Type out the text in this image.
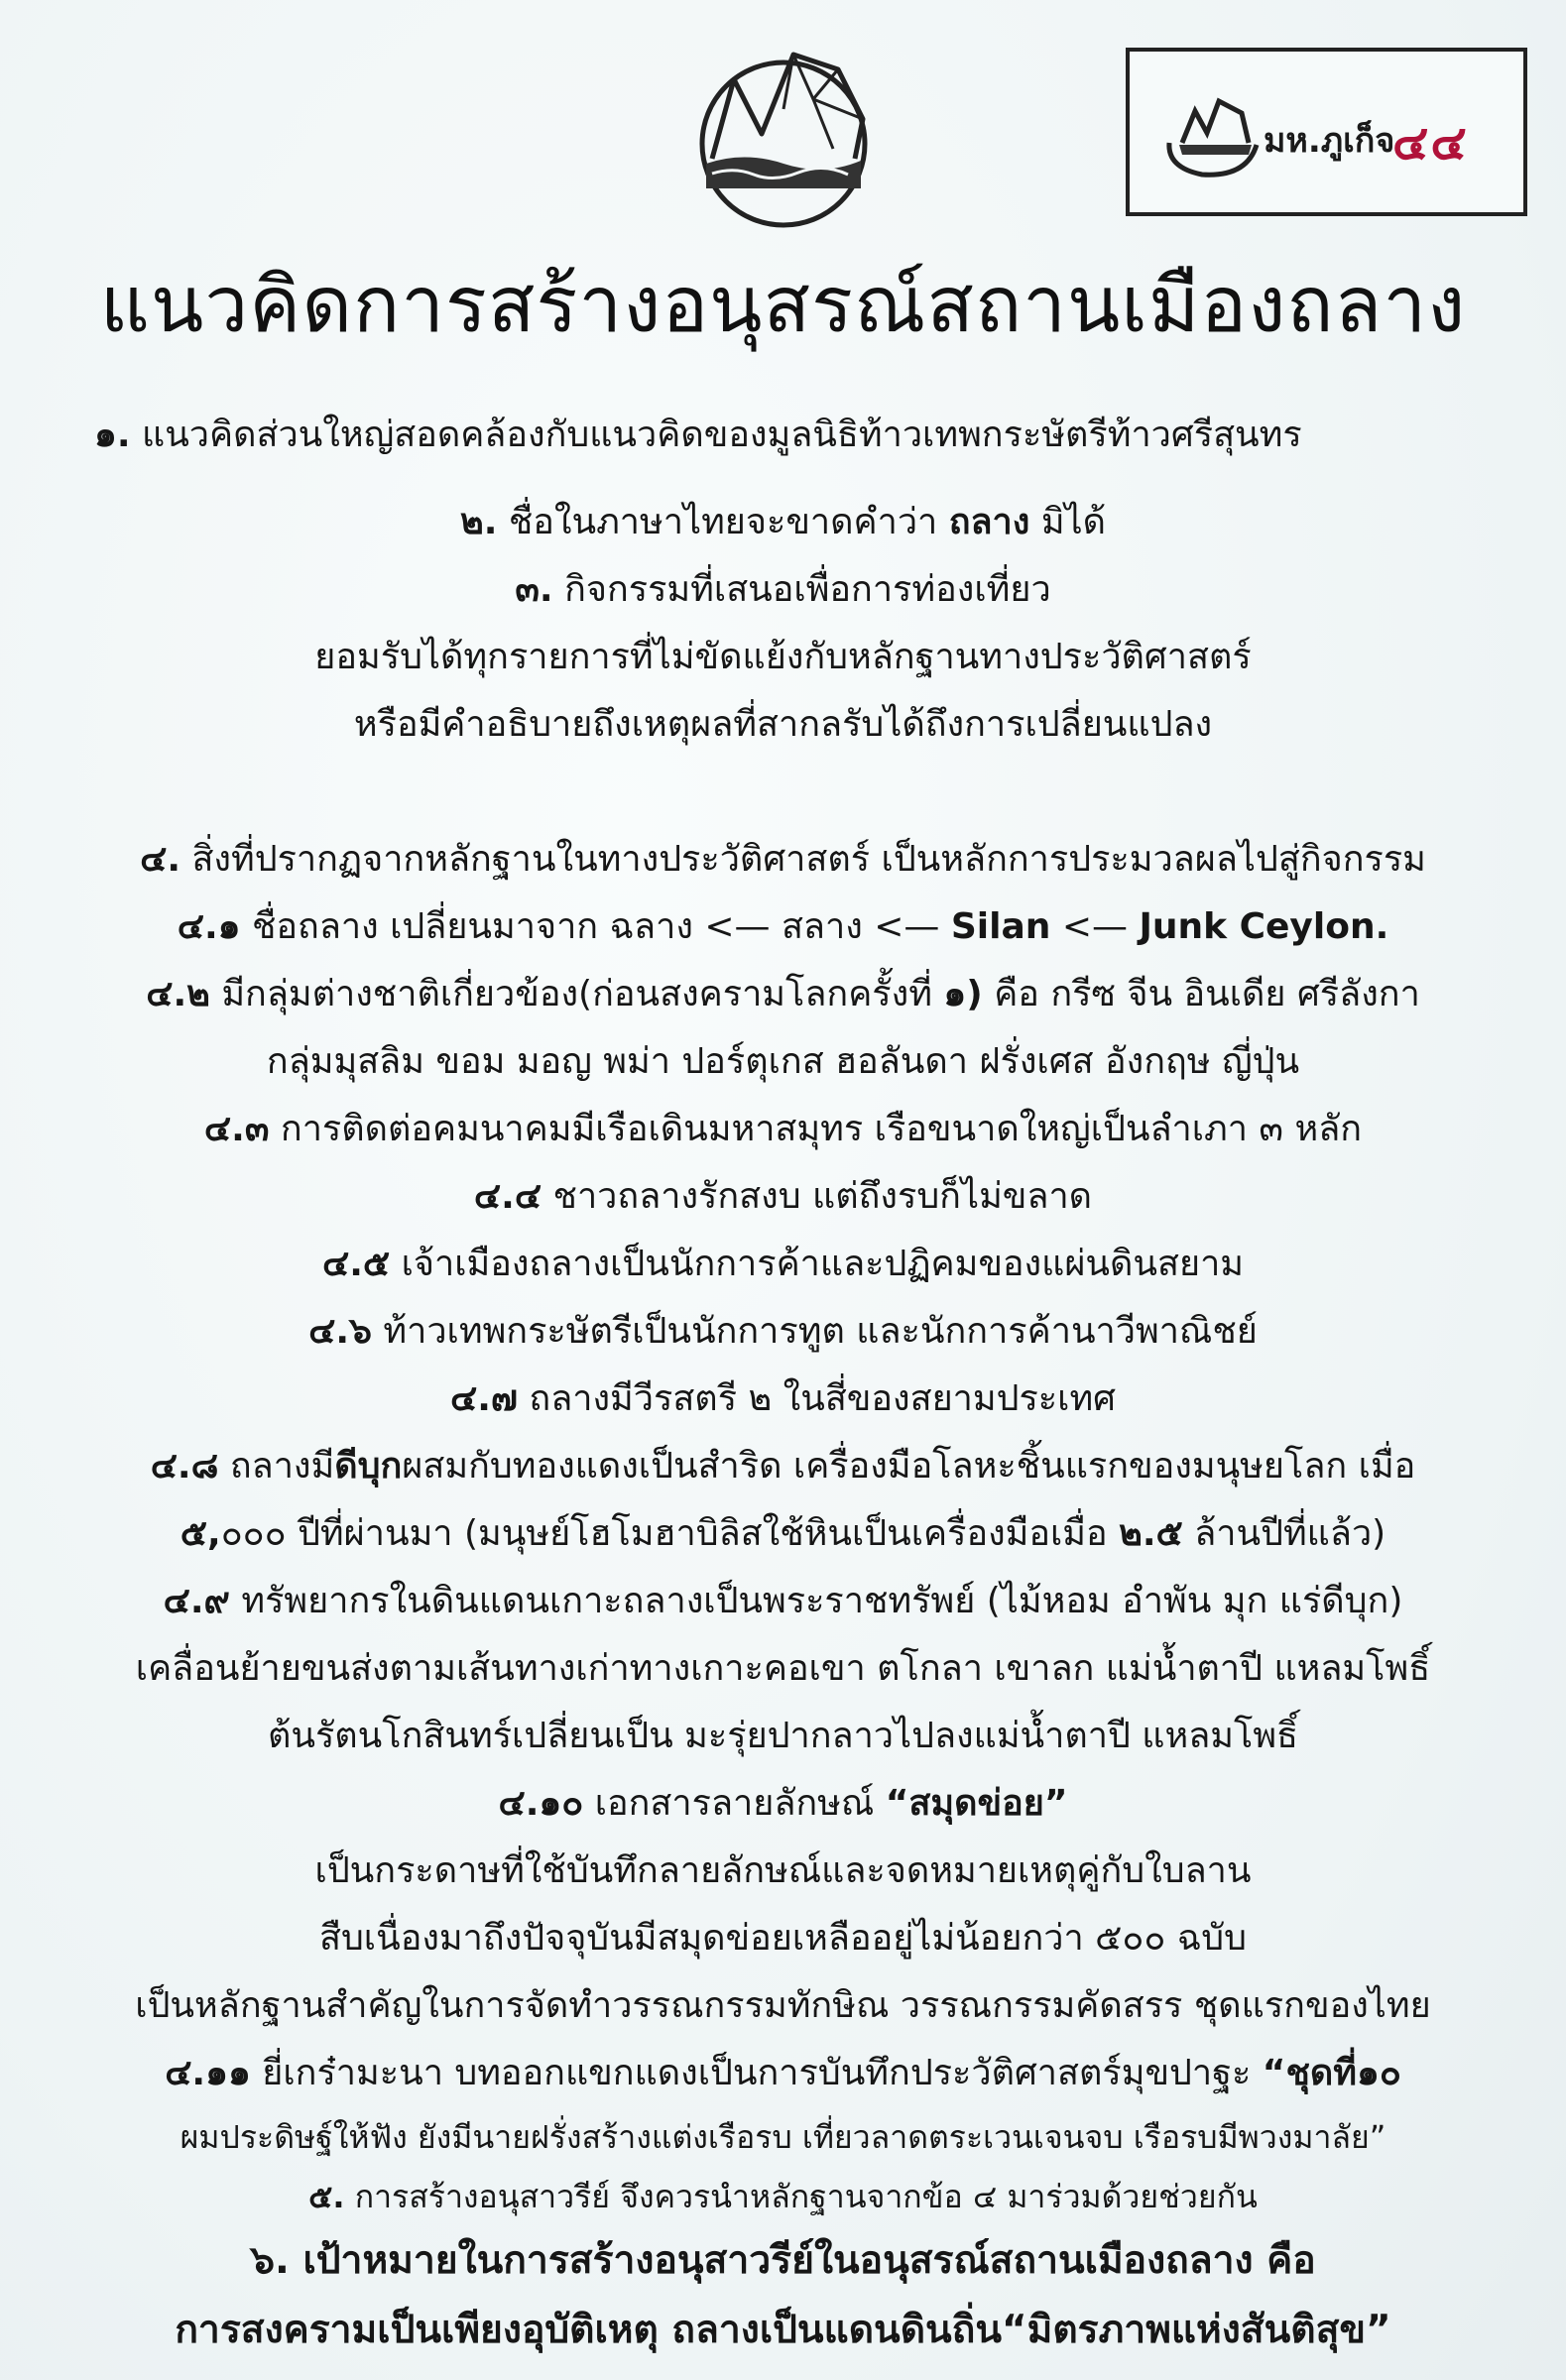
มห.ภูเก็จ
๔๔
แนวคิดการสร้างอนุสรณ์สถานเมืองถลาง
๑. แนวคิดส่วนใหญ่สอดคล้องกับแนวคิดของมูลนิธิท้าวเทพกระษัตรีท้าวศรีสุนทร
๒. ชื่อในภาษาไทยจะขาดคำว่า ถลาง มิได้
๓. กิจกรรมที่เสนอเพื่อการท่องเที่ยว
ยอมรับได้ทุกรายการที่ไม่ขัดแย้งกับหลักฐานทางประวัติศาสตร์
หรือมีคำอธิบายถึงเหตุผลที่สากลรับได้ถึงการเปลี่ยนแปลง
๔. สิ่งที่ปรากฏจากหลักฐานในทางประวัติศาสตร์ เป็นหลักการประมวลผลไปสู่กิจกรรม
๔.๑ ชื่อถลาง เปลี่ยนมาจาก ฉลาง <— สลาง <— Silan <— Junk Ceylon.
๔.๒ มีกลุ่มต่างชาติเกี่ยวข้อง(ก่อนสงครามโลกครั้งที่ ๑) คือ กรีซ จีน อินเดีย ศรีลังกา
กลุ่มมุสลิม ขอม มอญ พม่า ปอร์ตุเกส ฮอลันดา ฝรั่งเศส อังกฤษ ญี่ปุ่น
๔.๓ การติดต่อคมนาคมมีเรือเดินมหาสมุทร เรือขนาดใหญ่เป็นลำเภา ๓ หลัก
๔.๔ ชาวถลางรักสงบ แต่ถึงรบก็ไม่ขลาด
๔.๕ เจ้าเมืองถลางเป็นนักการค้าและปฏิคมของแผ่นดินสยาม
๔.๖ ท้าวเทพกระษัตรีเป็นนักการทูต และนักการค้านาวีพาณิชย์
๔.๗ ถลางมีวีรสตรี ๒ ในสี่ของสยามประเทศ
๔.๘ ถลางมีดีบุกผสมกับทองแดงเป็นสำริด เครื่องมือโลหะชิ้นแรกของมนุษยโลก เมื่อ
๕,๐๐๐ ปีที่ผ่านมา (มนุษย์โฮโมฮาบิลิสใช้หินเป็นเครื่องมือเมื่อ ๒.๕ ล้านปีที่แล้ว)
๔.๙ ทรัพยากรในดินแดนเกาะถลางเป็นพระราชทรัพย์ (ไม้หอม อำพัน มุก แร่ดีบุก)
เคลื่อนย้ายขนส่งตามเส้นทางเก่าทางเกาะคอเขา ตโกลา เขาลก แม่น้ำตาปี แหลมโพธิ์
ต้นรัตนโกสินทร์เปลี่ยนเป็น มะรุ่ยปากลาวไปลงแม่น้ำตาปี แหลมโพธิ์
๔.๑๐ เอกสารลายลักษณ์ “สมุดข่อย”
เป็นกระดาษที่ใช้บันทึกลายลักษณ์และจดหมายเหตุคู่กับใบลาน
สืบเนื่องมาถึงปัจจุบันมีสมุดข่อยเหลืออยู่ไม่น้อยกว่า ๕๐๐ ฉบับ
เป็นหลักฐานสำคัญในการจัดทำวรรณกรรมทักษิณ วรรณกรรมคัดสรร ชุดแรกของไทย
๔.๑๑ ยี่เกร๋ามะนา บทออกแขกแดงเป็นการบันทึกประวัติศาสตร์มุขปาฐะ “ชุดที่๑๐
ผมประดิษฐ์ให้ฟัง ยังมีนายฝรั่งสร้างแต่งเรือรบ เที่ยวลาดตระเวนเจนจบ เรือรบมีพวงมาลัย”
๕. การสร้างอนุสาวรีย์ จึงควรนำหลักฐานจากข้อ ๔ มาร่วมด้วยช่วยกัน
๖. เป้าหมายในการสร้างอนุสาวรีย์ในอนุสรณ์สถานเมืองถลาง คือ
การสงครามเป็นเพียงอุบัติเหตุ ถลางเป็นแดนดินถิ่น“มิตรภาพแห่งสันติสุข”
